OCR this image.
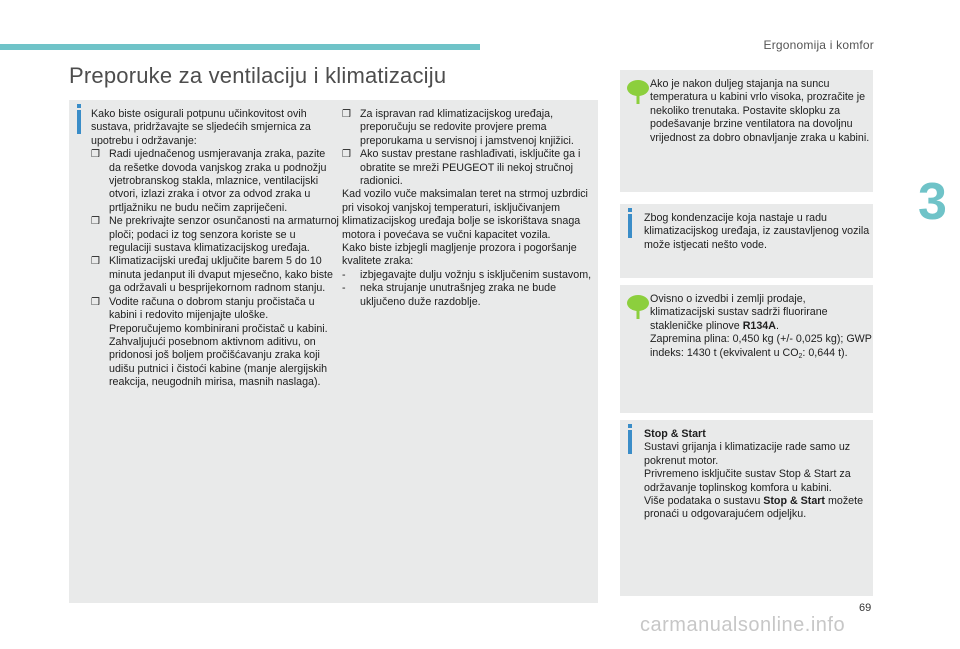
Ergonomija i komfor
3
Preporuke za ventilaciju i klimatizaciju

Kako biste osigurali potpunu učinkovitost ovih sustava, pridržavajte se sljedećih smjernica za upotrebu i održavanje:

❒ Radi ujednačenog usmjeravanja zraka, pazite da rešetke dovoda vanjskog zraka u podnožju vjetrobranskog stakla, mlaznice, ventilacijski otvori, izlazi zraka i otvor za odvod zraka u prtljažniku ne budu nečim zapriječeni.
❒ Ne prekrivajte senzor osunčanosti na armaturnoj ploči; podaci iz tog senzora koriste se u regulaciji sustava klimatizacijskog uređaja.
❒ Klimatizacijski uređaj uključite barem 5 do 10 minuta jedanput ili dvaput mjesečno, kako biste ga održavali u besprijekornom radnom stanju.
❒ Vodite računa o dobrom stanju pročistača u kabini i redovito mijenjajte uloške. Preporučujemo kombinirani pročistač u kabini. Zahvaljujući posebnom aktivnom aditivu, on pridonosi još boljem pročišćavanju zraka koji udišu putnici i čistoći kabine (manje alergijskih reakcija, neugodnih mirisa, masnih naslaga).
❒ Za ispravan rad klimatizacijskog uređaja, preporučuju se redovite provjere prema preporukama u servisnoj i jamstvenoj knjižici.
❒ Ako sustav prestane rashlađivati, isključite ga i obratite se mreži PEUGEOT ili nekoj stručnoj radionici.

Kad vozilo vuče maksimalan teret na strmoj uzbrdici pri visokoj vanjskoj temperaturi, isključivanjem klimatizacijskog uređaja bolje se iskorištava snaga motora i povećava se vučni kapacitet vozila.

Kako biste izbjegli magljenje prozora i pogoršanje kvalitete zraka:

- izbjegavajte dulju vožnju s isključenim sustavom,
- neka strujanje unutrašnjeg zraka ne bude uključeno duže razdoblje.

Ako je nakon duljeg stajanja na suncu temperatura u kabini vrlo visoka, prozračite je nekoliko trenutaka. Postavite sklopku za podešavanje brzine ventilatora na dovoljnu vrijednost za dobro obnavljanje zraka u kabini.

Zbog kondenzacije koja nastaje u radu klimatizacijskog uređaja, iz zaustavljenog vozila može istjecati nešto vode.

Ovisno o izvedbi i zemlji prodaje, klimatizacijski sustav sadrži fluorirane stakleničke plinove R134A.

Zapremina plina: 0,450 kg (+/- 0,025 kg); GWP indeks: 1430 t (ekvivalent u $CO_2$: 0,644 t).

Stop & Start

Sustavi grijanja i klimatizacije rade samo uz pokrenut motor.

Privremeno isključite sustav Stop & Start za održavanje toplinskog komfora u kabini.

Više podataka o sustavu Stop & Start možete pronaći u odgovarajućem odjeljku.

69
carmanualsonline.info
